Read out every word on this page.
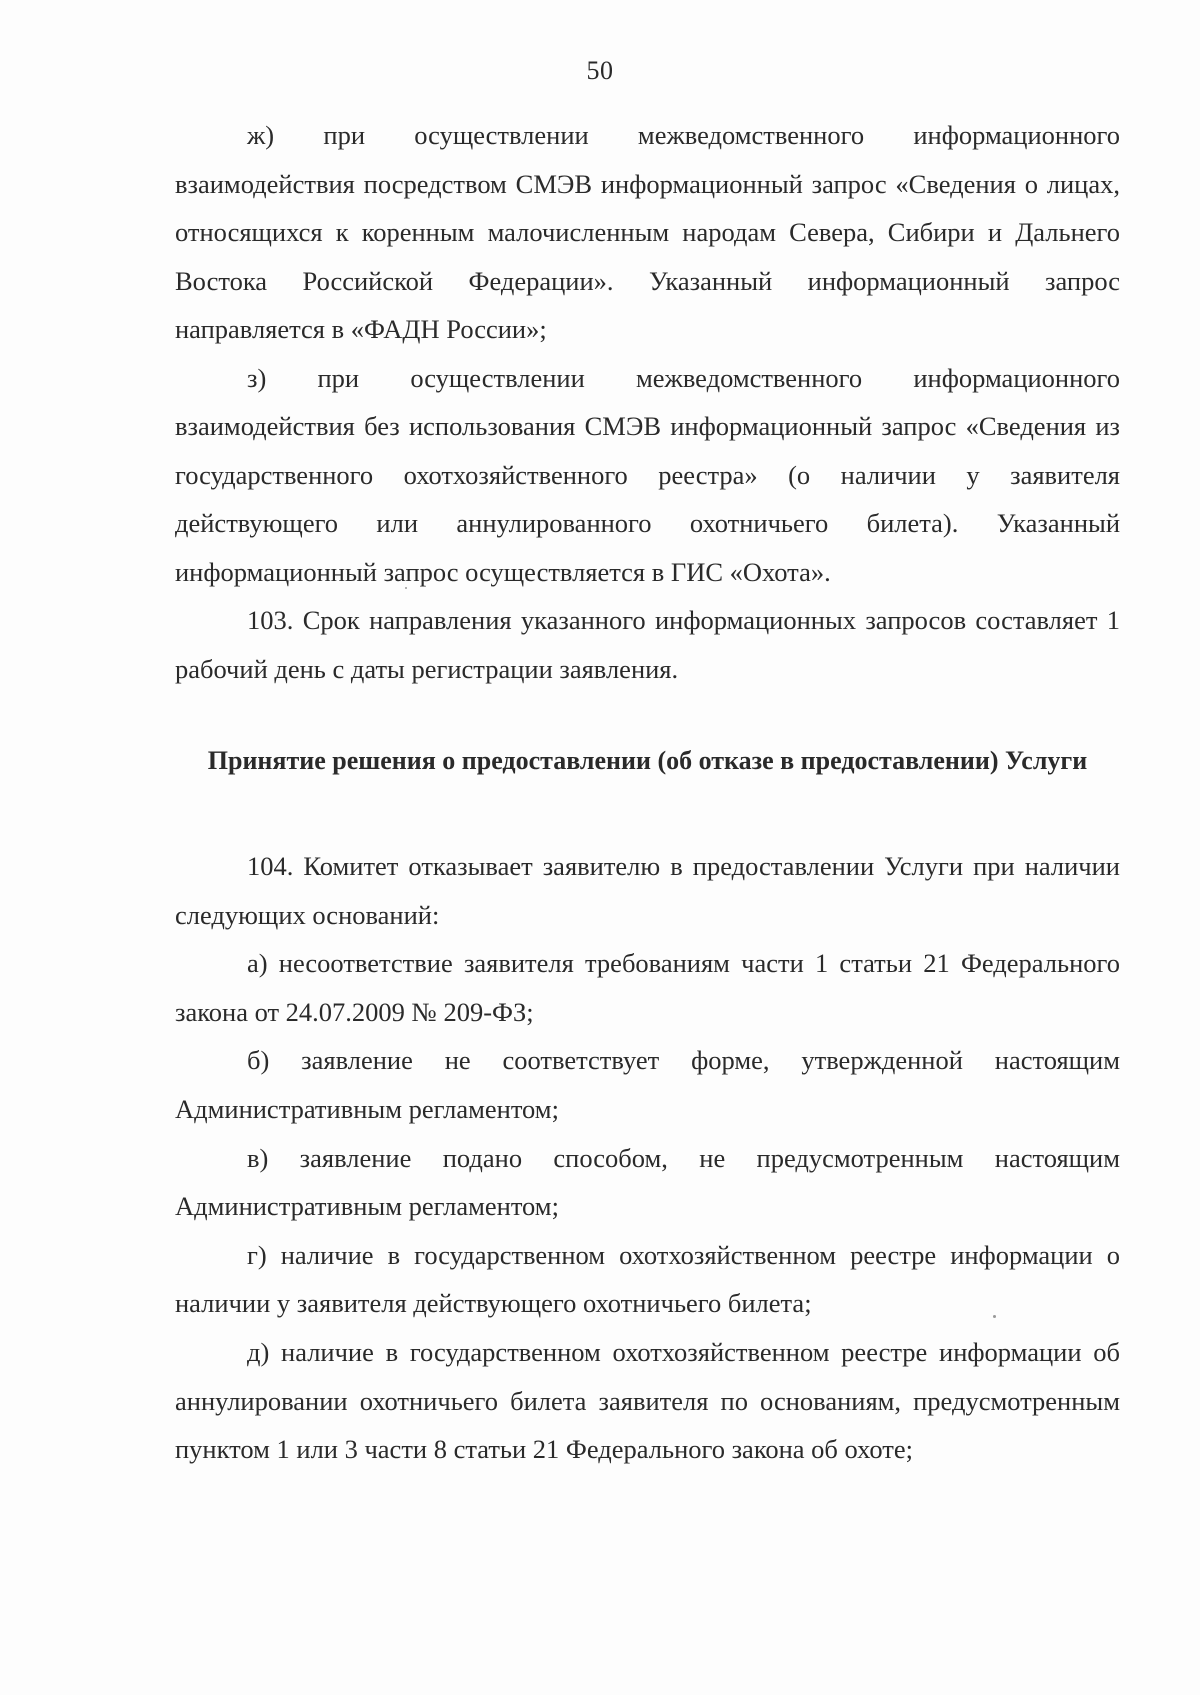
50

ж) при осуществлении межведомственного информационного взаимодействия посредством СМЭВ информационный запрос «Сведения о лицах, относящихся к коренным малочисленным народам Севера, Сибири и Дальнего Востока Российской Федерации». Указанный информационный запрос направляется в «ФАДН России»;

з) при осуществлении межведомственного информационного взаимодействия без использования СМЭВ информационный запрос «Сведения из государственного охотхозяйственного реестра» (о наличии у заявителя действующего или аннулированного охотничьего билета). Указанный информационный запрос осуществляется в ГИС «Охота».

103. Срок направления указанного информационных запросов составляет 1 рабочий день с даты регистрации заявления.

Принятие решения о предоставлении (об отказе в предоставлении) Услуги

104. Комитет отказывает заявителю в предоставлении Услуги при наличии следующих оснований:

а) несоответствие заявителя требованиям части 1 статьи 21 Федерального закона от 24.07.2009 № 209-ФЗ;

б) заявление не соответствует форме, утвержденной настоящим Административным регламентом;

в) заявление подано способом, не предусмотренным настоящим Административным регламентом;

г) наличие в государственном охотхозяйственном реестре информации о наличии у заявителя действующего охотничьего билета;

д) наличие в государственном охотхозяйственном реестре информации об аннулировании охотничьего билета заявителя по основаниям, предусмотренным пунктом 1 или 3 части 8 статьи 21 Федерального закона об охоте;
